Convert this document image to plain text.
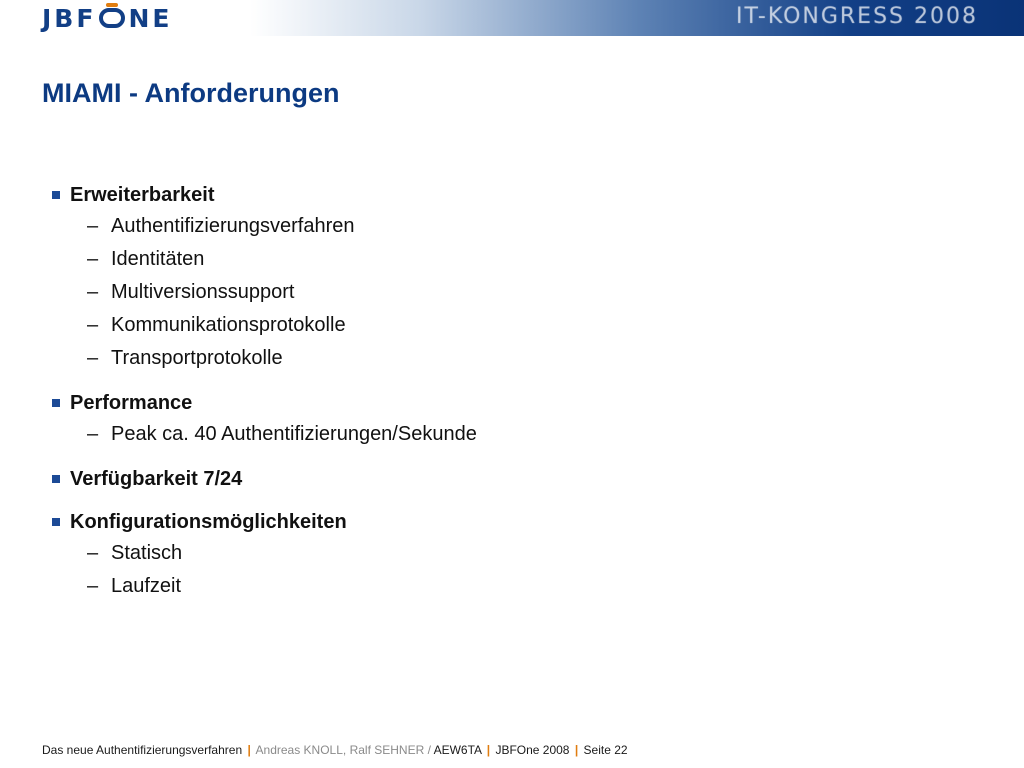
JBF NE	IT-KONGRESS 2008
MIAMI - Anforderungen
Erweiterbarkeit
– Authentifizierungsverfahren
– Identitäten
– Multiversionssupport
– Kommunikationsprotokolle
– Transportprotokolle
Performance
– Peak ca. 40 Authentifizierungen/Sekunde
Verfügbarkeit 7/24
Konfigurationsmöglichkeiten
– Statisch
– Laufzeit
Das neue Authentifizierungsverfahren | Andreas KNOLL, Ralf SEHNER / AEW6TA | JBFOne 2008 | Seite 22
